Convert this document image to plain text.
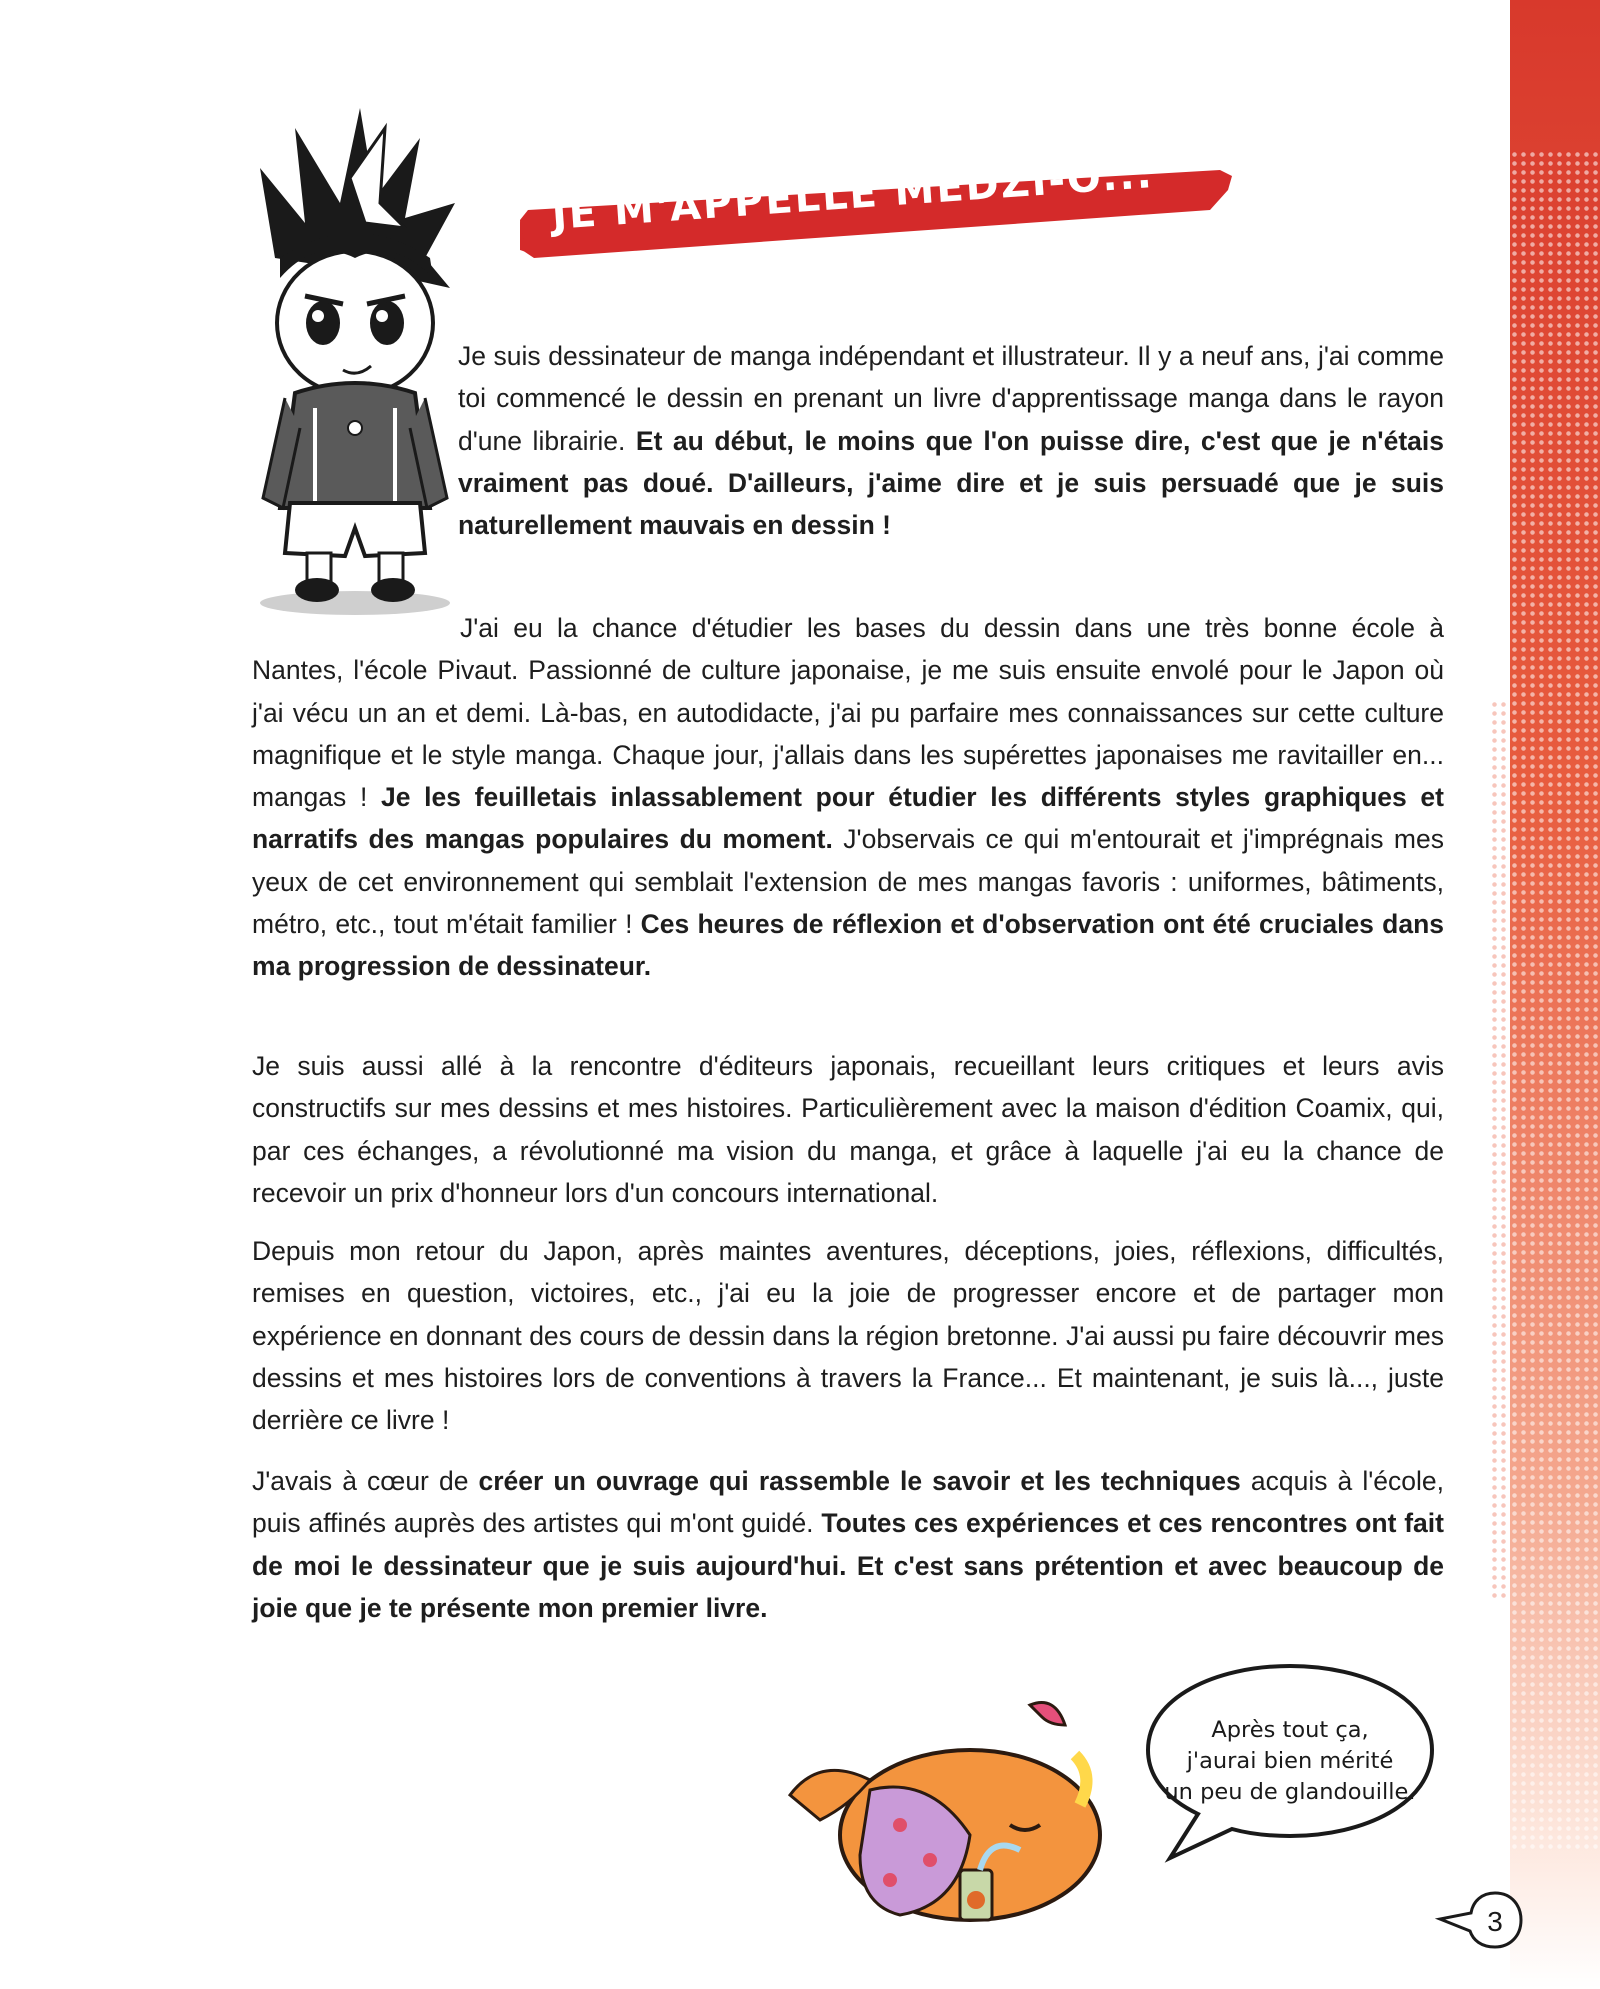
JE M'APPELLE MEDZI-O...

Je suis dessinateur de manga indépendant et illustrateur. Il y a neuf ans, j'ai comme toi commencé le dessin en prenant un livre d'apprentissage manga dans le rayon d'une librairie. Et au début, le moins que l'on puisse dire, c'est que je n'étais vraiment pas doué. D'ailleurs, j'aime dire et je suis persuadé que je suis naturellement mauvais en dessin !

J'ai eu la chance d'étudier les bases du dessin dans une très bonne école à Nantes, l'école Pivaut. Passionné de culture japonaise, je me suis ensuite envolé pour le Japon où j'ai vécu un an et demi. Là-bas, en autodidacte, j'ai pu parfaire mes connaissances sur cette culture magnifique et le style manga. Chaque jour, j'allais dans les supérettes japonaises me ravitailler en... mangas ! Je les feuilletais inlassablement pour étudier les différents styles graphiques et narratifs des mangas populaires du moment. J'observais ce qui m'entourait et j'imprégnais mes yeux de cet environnement qui semblait l'extension de mes mangas favoris : uniformes, bâtiments, métro, etc., tout m'était familier ! Ces heures de réflexion et d'observation ont été cruciales dans ma progression de dessinateur.

Je suis aussi allé à la rencontre d'éditeurs japonais, recueillant leurs critiques et leurs avis constructifs sur mes dessins et mes histoires. Particulièrement avec la maison d'édition Coamix, qui, par ces échanges, a révolutionné ma vision du manga, et grâce à laquelle j'ai eu la chance de recevoir un prix d'honneur lors d'un concours international.

Depuis mon retour du Japon, après maintes aventures, déceptions, joies, réflexions, difficultés, remises en question, victoires, etc., j'ai eu la joie de progresser encore et de partager mon expérience en donnant des cours de dessin dans la région bretonne. J'ai aussi pu faire découvrir mes dessins et mes histoires lors de conventions à travers la France... Et maintenant, je suis là..., juste derrière ce livre !

J'avais à cœur de créer un ouvrage qui rassemble le savoir et les techniques acquis à l'école, puis affinés auprès des artistes qui m'ont guidé. Toutes ces expériences et ces rencontres ont fait de moi le dessinateur que je suis aujourd'hui. Et c'est sans prétention et avec beaucoup de joie que je te présente mon premier livre.

Après tout ça,
j'aurai bien mérité
un peu de glandouille.
3
